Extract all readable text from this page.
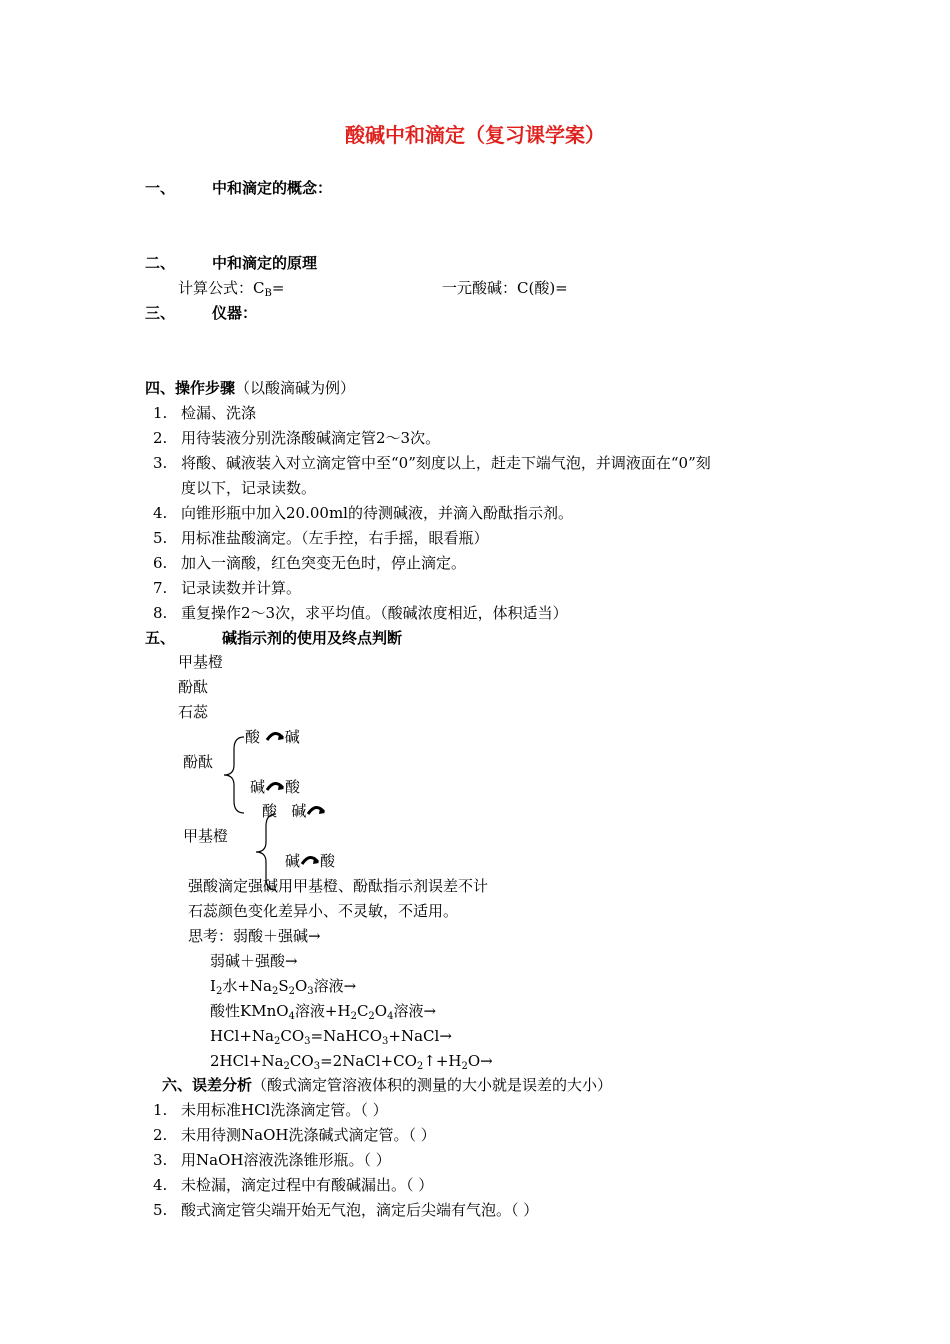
酸碱中和滴定（复习课学案）
一、 中和滴定的概念：
二、 中和滴定的原理
计算公式：$C_B=$	一元酸碱：C(酸)=
三、 仪器：
四、操作步骤（以酸滴碱为例）
1. 检漏、洗涤
2. 用待装液分别洗涤酸碱滴定管2～3次。
3. 将酸、碱液装入对立滴定管中至“0”刻度以上，赶走下端气泡，并调液面在“0”刻
度以下，记录读数。
4. 向锥形瓶中加入20.00ml的待测碱液，并滴入酚酞指示剂。
5. 用标准盐酸滴定。（左手控，右手摇，眼看瓶）
6. 加入一滴酸，红色突变无色时，停止滴定。
7. 记录读数并计算。
8. 重复操作2～3次，求平均值。（酸碱浓度相近，体积适当）
五、	碱指示剂的使用及终点判断
甲基橙
酚酞
石蕊
酚酞
酸 碱
碱 酸
甲基橙
酸 碱
碱 酸
强酸滴定强碱用甲基橙、酚酞指示剂误差不计
石蕊颜色变化差异小、不灵敏，不适用。
思考：弱酸＋强碱→
弱碱＋强酸→
$I_2$水$+Na_2S_2O_3$溶液→
酸性KMnO$_4$溶液$+H_2C_2O_4$溶液→
$HCl+Na_2CO_3=NaHCO_3+NaCl\to$
$2HCl+Na_2CO_3=2NaCl+CO_2↑+H_2O\to$
六、误差分析（酸式滴定管溶液体积的测量的大小就是误差的大小）
1. 未用标准HCl洗涤滴定管。（ ）
2. 未用待测NaOH洗涤碱式滴定管。（ ）
3. 用NaOH溶液洗涤锥形瓶。（ ）
4. 未检漏，滴定过程中有酸碱漏出。（ ）
5. 酸式滴定管尖端开始无气泡，滴定后尖端有气泡。（ ）
